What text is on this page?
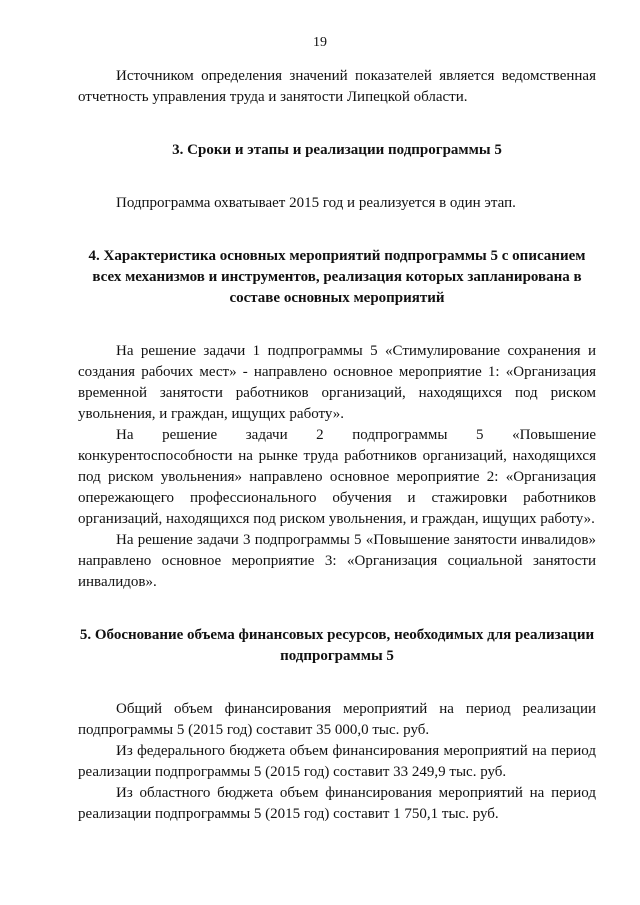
19

Источником определения значений показателей является ведомственная отчетность управления труда и занятости Липецкой области.

3. Сроки и этапы и реализации подпрограммы 5

Подпрограмма охватывает 2015 год и реализуется в один этап.

4. Характеристика основных мероприятий подпрограммы 5 с описанием всех механизмов и инструментов, реализация которых запланирована в составе основных мероприятий

На решение задачи 1 подпрограммы 5 «Стимулирование сохранения и создания рабочих мест» - направлено основное мероприятие 1: «Организация временной занятости работников организаций, находящихся под риском увольнения, и граждан, ищущих работу».

На решение задачи 2 подпрограммы 5 «Повышение конкурентоспособности на рынке труда работников организаций, находящихся под риском увольнения» направлено основное мероприятие 2: «Организация опережающего профессионального обучения и стажировки работников организаций, находящихся под риском увольнения, и граждан, ищущих работу».

На решение задачи 3 подпрограммы 5 «Повышение занятости инвалидов» направлено основное мероприятие 3: «Организация социальной занятости инвалидов».

5. Обоснование объема финансовых ресурсов, необходимых для реализации подпрограммы 5

Общий объем финансирования мероприятий на период реализации подпрограммы 5 (2015 год) составит 35 000,0 тыс. руб.

Из федерального бюджета объем финансирования мероприятий на период реализации подпрограммы 5 (2015 год) составит 33 249,9 тыс. руб.

Из областного бюджета объем финансирования мероприятий на период реализации подпрограммы 5 (2015 год) составит 1 750,1 тыс. руб.
